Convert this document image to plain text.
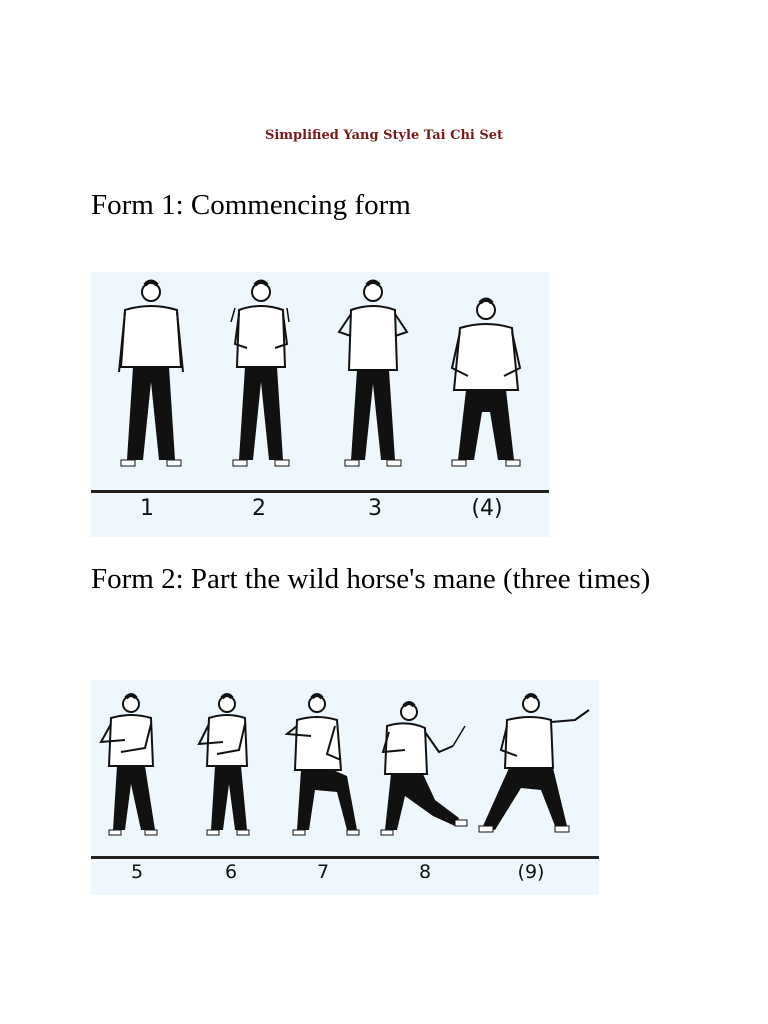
Simplified Yang Style Tai Chi Set
Form 1: Commencing form
1	2	3	(4)
Form 2: Part the wild horse's mane (three times)
5	6	7	8	(9)
